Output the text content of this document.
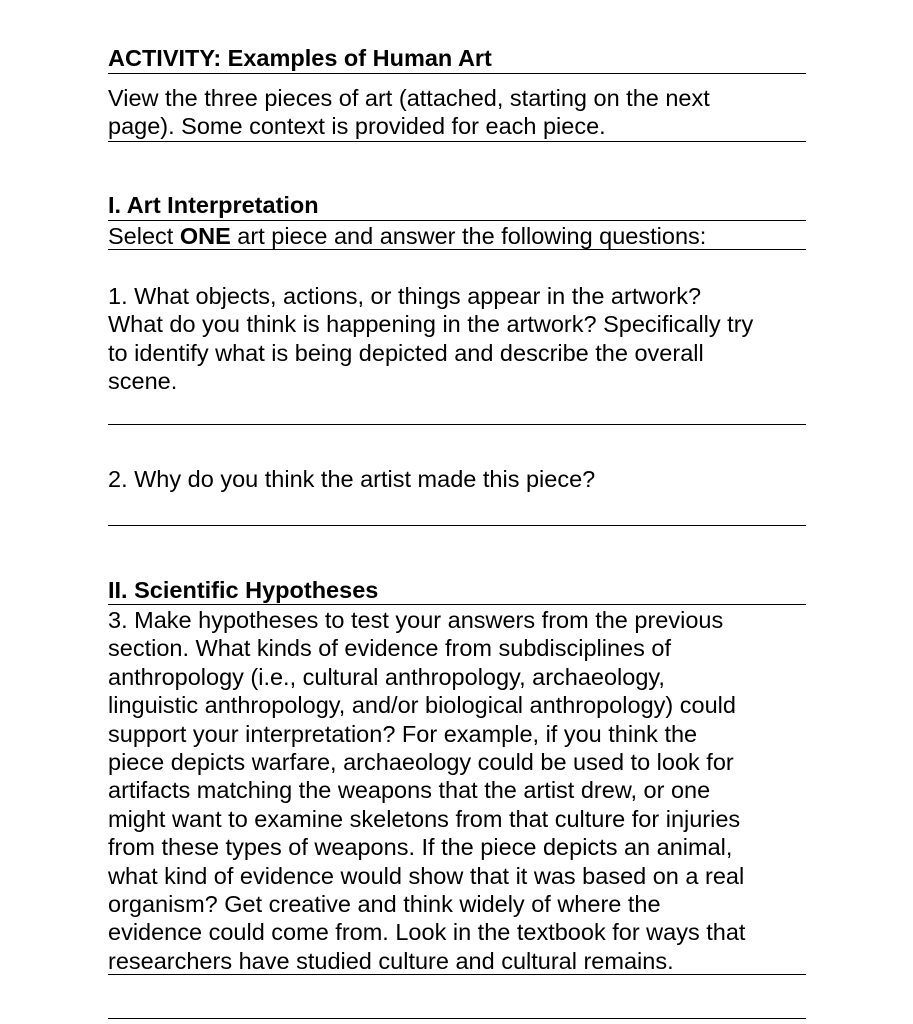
ACTIVITY: Examples of Human Art

View the three pieces of art (attached, starting on the next

page). Some context is provided for each piece.

I. Art Interpretation

Select ONE art piece and answer the following questions:

1. What objects, actions, or things appear in the artwork?

What do you think is happening in the artwork? Specifically try

to identify what is being depicted and describe the overall

scene.

2. Why do you think the artist made this piece?

II. Scientific Hypotheses

3. Make hypotheses to test your answers from the previous

section. What kinds of evidence from subdisciplines of

anthropology (i.e., cultural anthropology, archaeology,

linguistic anthropology, and/or biological anthropology) could

support your interpretation? For example, if you think the

piece depicts warfare, archaeology could be used to look for

artifacts matching the weapons that the artist drew, or one

might want to examine skeletons from that culture for injuries

from these types of weapons. If the piece depicts an animal,

what kind of evidence would show that it was based on a real

organism? Get creative and think widely of where the

evidence could come from. Look in the textbook for ways that

researchers have studied culture and cultural remains.
